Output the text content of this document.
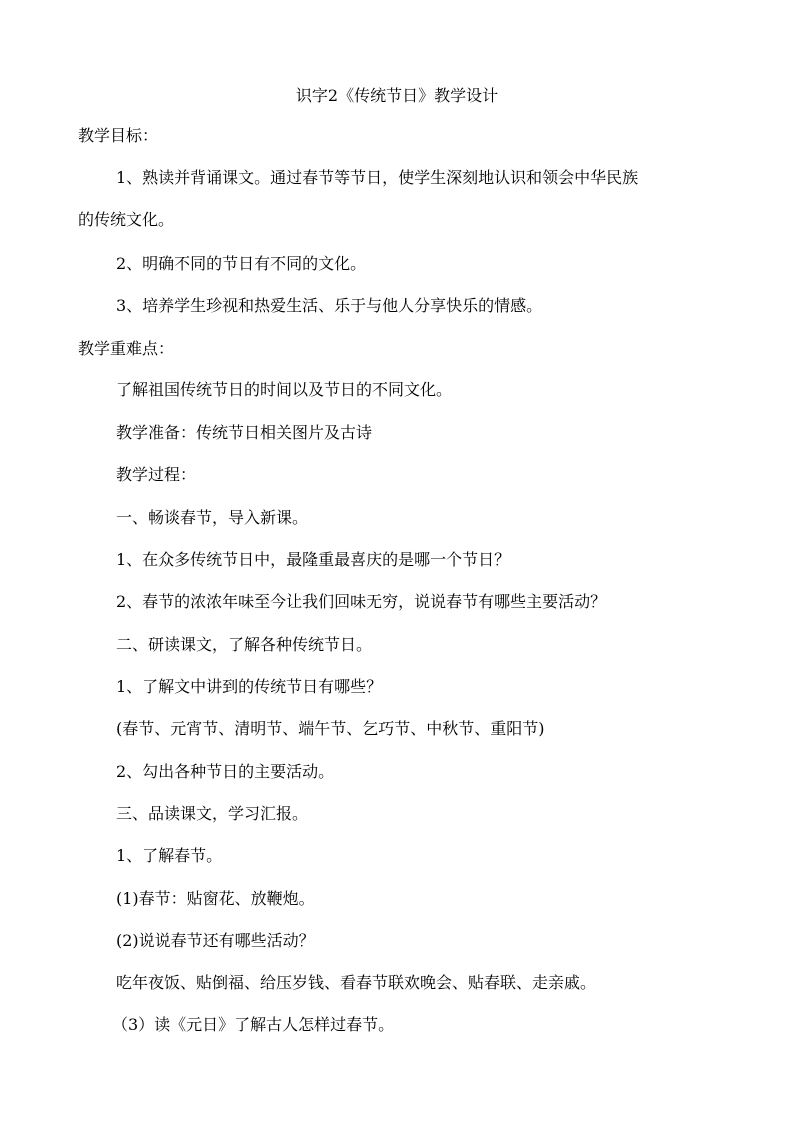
识字2《传统节日》教学设计
教学目标：
1、熟读并背诵课文。通过春节等节日，使学生深刻地认识和领会中华民族
的传统文化。
2、明确不同的节日有不同的文化。
3、培养学生珍视和热爱生活、乐于与他人分享快乐的情感。
教学重难点：
了解祖国传统节日的时间以及节日的不同文化。
教学准备：传统节日相关图片及古诗
教学过程：
一、畅谈春节，导入新课。
1、在众多传统节日中，最隆重最喜庆的是哪一个节日？
2、春节的浓浓年味至今让我们回味无穷，说说春节有哪些主要活动？
二、研读课文，了解各种传统节日。
1、了解文中讲到的传统节日有哪些？
(春节、元宵节、清明节、端午节、乞巧节、中秋节、重阳节)
2、勾出各种节日的主要活动。
三、品读课文，学习汇报。
1、了解春节。
(1)春节：贴窗花、放鞭炮。
(2)说说春节还有哪些活动？
吃年夜饭、贴倒福、给压岁钱、看春节联欢晚会、贴春联、走亲戚。
（3）读《元日》了解古人怎样过春节。
